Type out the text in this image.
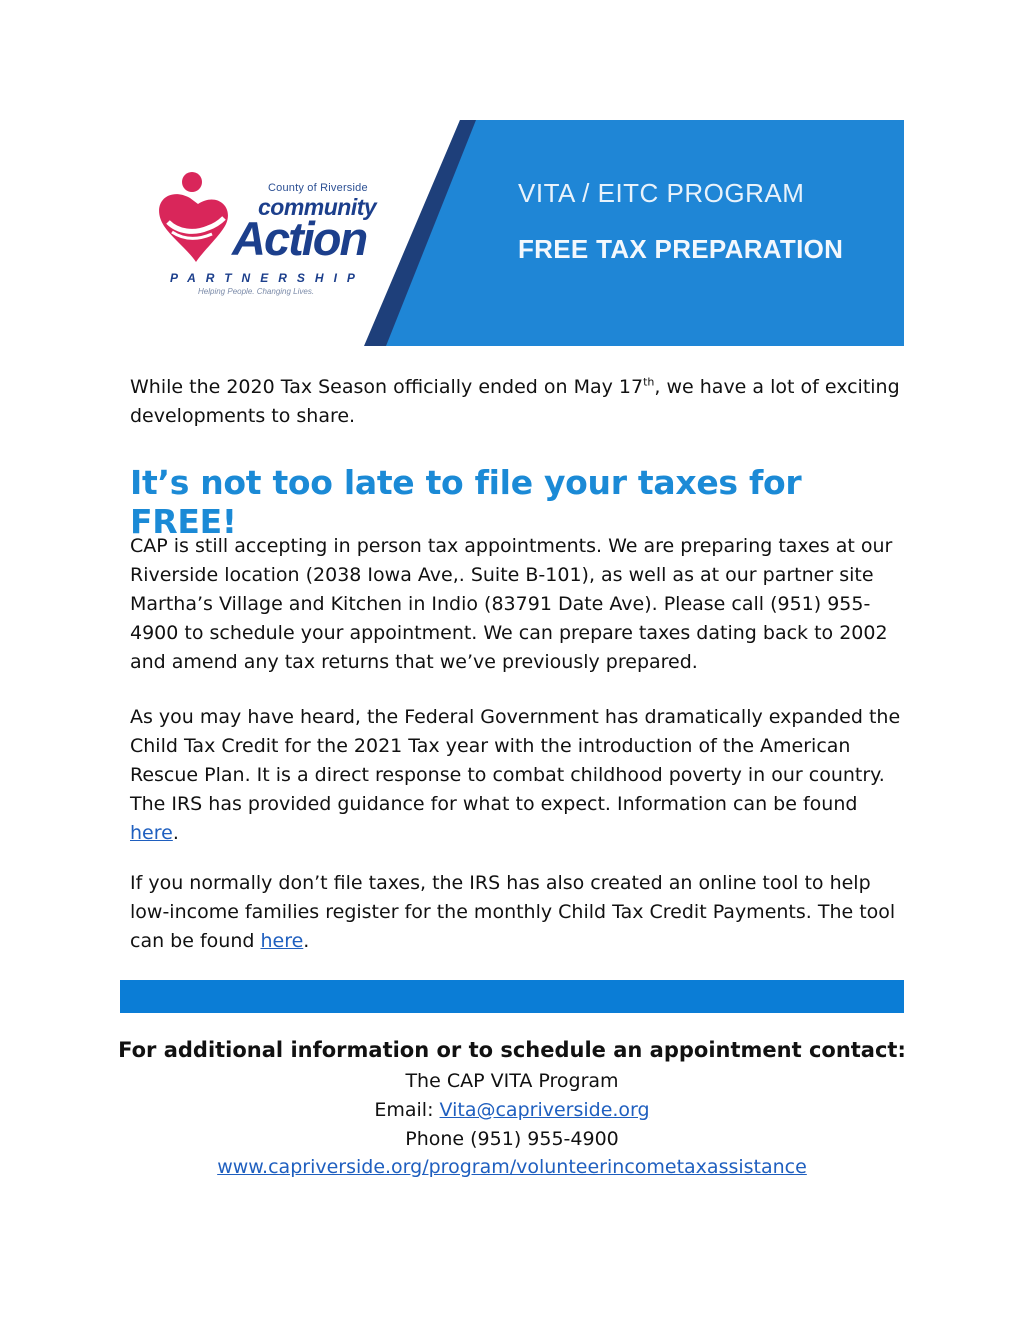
County of Riverside
community
Action
PARTNERSHIP
Helping People. Changing Lives.
VITA / EITC PROGRAM
FREE TAX PREPARATION

While the 2020 Tax Season officially ended on May 17th, we have a lot of exciting developments to share.

It’s not too late to file your taxes for FREE!

CAP is still accepting in person tax appointments. We are preparing taxes at our Riverside location (2038 Iowa Ave,. Suite B-101), as well as at our partner site Martha’s Village and Kitchen in Indio (83791 Date Ave). Please call (951) 955-4900 to schedule your appointment. We can prepare taxes dating back to 2002 and amend any tax returns that we’ve previously prepared.

As you may have heard, the Federal Government has dramatically expanded the Child Tax Credit for the 2021 Tax year with the introduction of the American Rescue Plan. It is a direct response to combat childhood poverty in our country. The IRS has provided guidance for what to expect. Information can be found here.

If you normally don’t file taxes, the IRS has also created an online tool to help low-income families register for the monthly Child Tax Credit Payments. The tool can be found here.

For additional information or to schedule an appointment contact:

The CAP VITA Program

Email: Vita@capriverside.org

Phone (951) 955-4900

www.capriverside.org/program/volunteerincometaxassistance
